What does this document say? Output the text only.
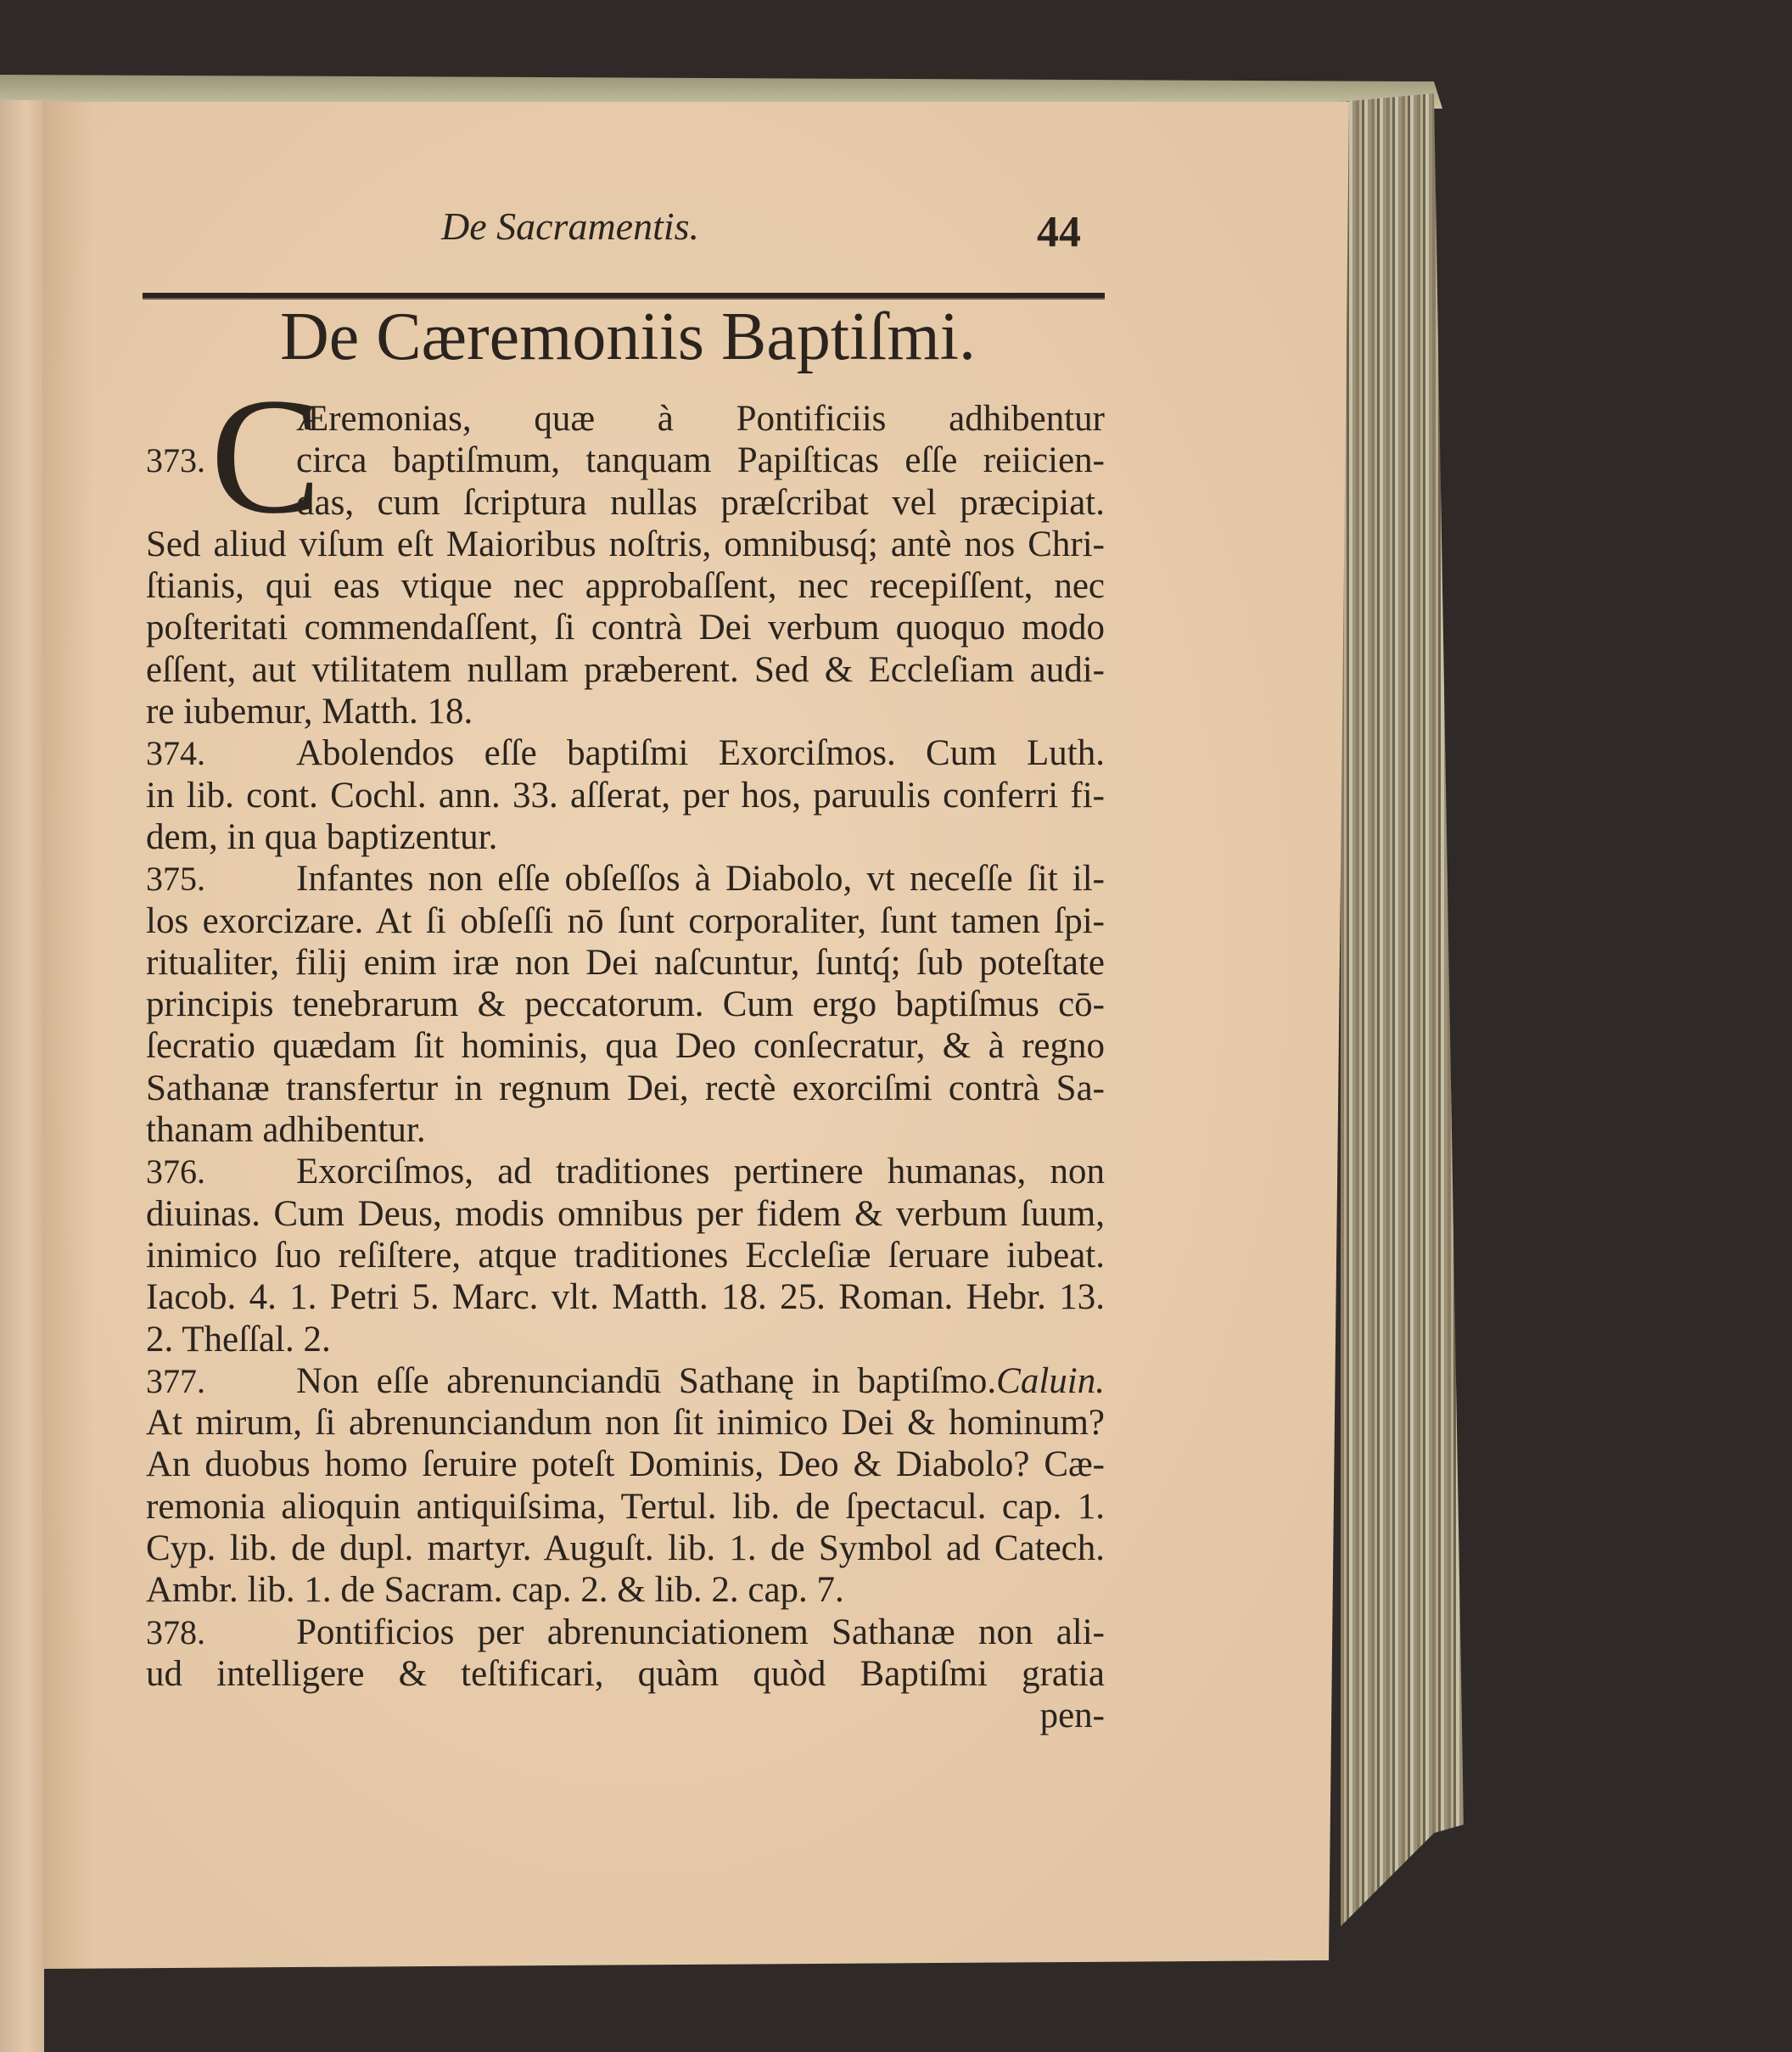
De Sacramentis.	44
De Cæremoniis Baptiſmi.
C
Æremonias, quæ à Pontificiis adhibentur
373. circa baptiſmum, tanquam Papiſticas eſſe reiicien-
das, cum ſcriptura nullas præſcribat vel præcipiat.
Sed aliud viſum eſt Maioribus noſtris, omnibusq́; antè nos Chri-
ſtianis, qui eas vtique nec approbaſſent, nec recepiſſent, nec
poſteritati commendaſſent, ſi contrà Dei verbum quoquo modo
eſſent, aut vtilitatem nullam præberent. Sed & Eccleſiam audi-
re iubemur, Matth. 18.
374. Abolendos eſſe baptiſmi Exorciſmos. Cum Luth.
in lib. cont. Cochl. ann. 33. aſſerat, per hos, paruulis conferri fi-
dem, in qua baptizentur.
375. Infantes non eſſe obſeſſos à Diabolo, vt neceſſe ſit il-
los exorcizare. At ſi obſeſſi nō ſunt corporaliter, ſunt tamen ſpi-
ritualiter, filij enim iræ non Dei naſcuntur, ſuntq́; ſub poteſtate
principis tenebrarum & peccatorum. Cum ergo baptiſmus cō-
ſecratio quædam ſit hominis, qua Deo conſecratur, & à regno
Sathanæ transfertur in regnum Dei, rectè exorciſmi contrà Sa-
thanam adhibentur.
376. Exorciſmos, ad traditiones pertinere humanas, non
diuinas. Cum Deus, modis omnibus per fidem & verbum ſuum,
inimico ſuo reſiſtere, atque traditiones Eccleſiæ ſeruare iubeat.
Iacob. 4. 1. Petri 5. Marc. vlt. Matth. 18. 25. Roman. Hebr. 13.
2. Theſſal. 2.
377. Non eſſe abrenunciandū Sathanę in baptiſmo.Caluin.
At mirum, ſi abrenunciandum non ſit inimico Dei & hominum?
An duobus homo ſeruire poteſt Dominis, Deo & Diabolo? Cæ-
remonia alioquin antiquiſsima, Tertul. lib. de ſpectacul. cap. 1.
Cyp. lib. de dupl. martyr. Auguſt. lib. 1. de Symbol ad Catech.
Ambr. lib. 1. de Sacram. cap. 2. & lib. 2. cap. 7.
378. Pontificios per abrenunciationem Sathanæ non ali-
ud intelligere & teſtificari, quàm quòd Baptiſmi gratia
pen-
